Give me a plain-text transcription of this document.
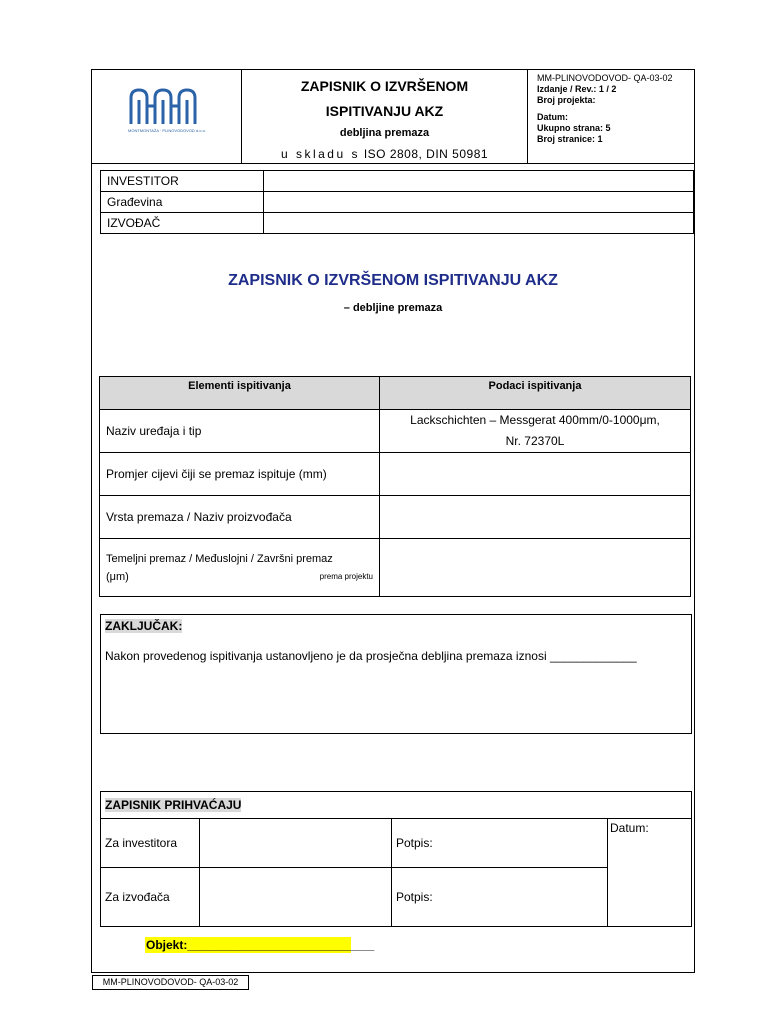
MONTMONTAŽA · PLINOVODOVOD d.o.o.
ZAPISNIK O IZVRŠENOM
ISPITIVANJU AKZ
debljina premaza
u skladu s ISO 2808, DIN 50981
MM-PLINOVODOVOD- QA-03-02
Izdanje / Rev.: 1 / 2
Broj projekta:
Datum:
Ukupno strana: 5
Broj stranice: 1
INVESTITOR	
Građevina	
IZVOĐAČ	
ZAPISNIK O IZVRŠENOM ISPITIVANJU AKZ
– debljine premaza
Elementi ispitivanja	Podaci ispitivanja
Naziv uređaja i tip	Lackschichten – Messgerat 400mm/0-1000μm,
Nr. 72370L

Promjer cijevi čiji se premaz ispituje (mm)	
Vrsta premaza / Naziv proizvođača	

Temeljni premaz / Međuslojni / Završni premaz
(μm) prema projektu	

ZAKLJUČAK:
Nakon provedenog ispitivanja ustanovljeno je da prosječna debljina premaza iznosi _____________
ZAPISNIK PRIHVAĆAJU			
Za investitora		Potpis:	Datum:
Za izvođača		Potpis:	
Objekt:____________________________
MM-PLINOVODOVOD- QA-03-02
